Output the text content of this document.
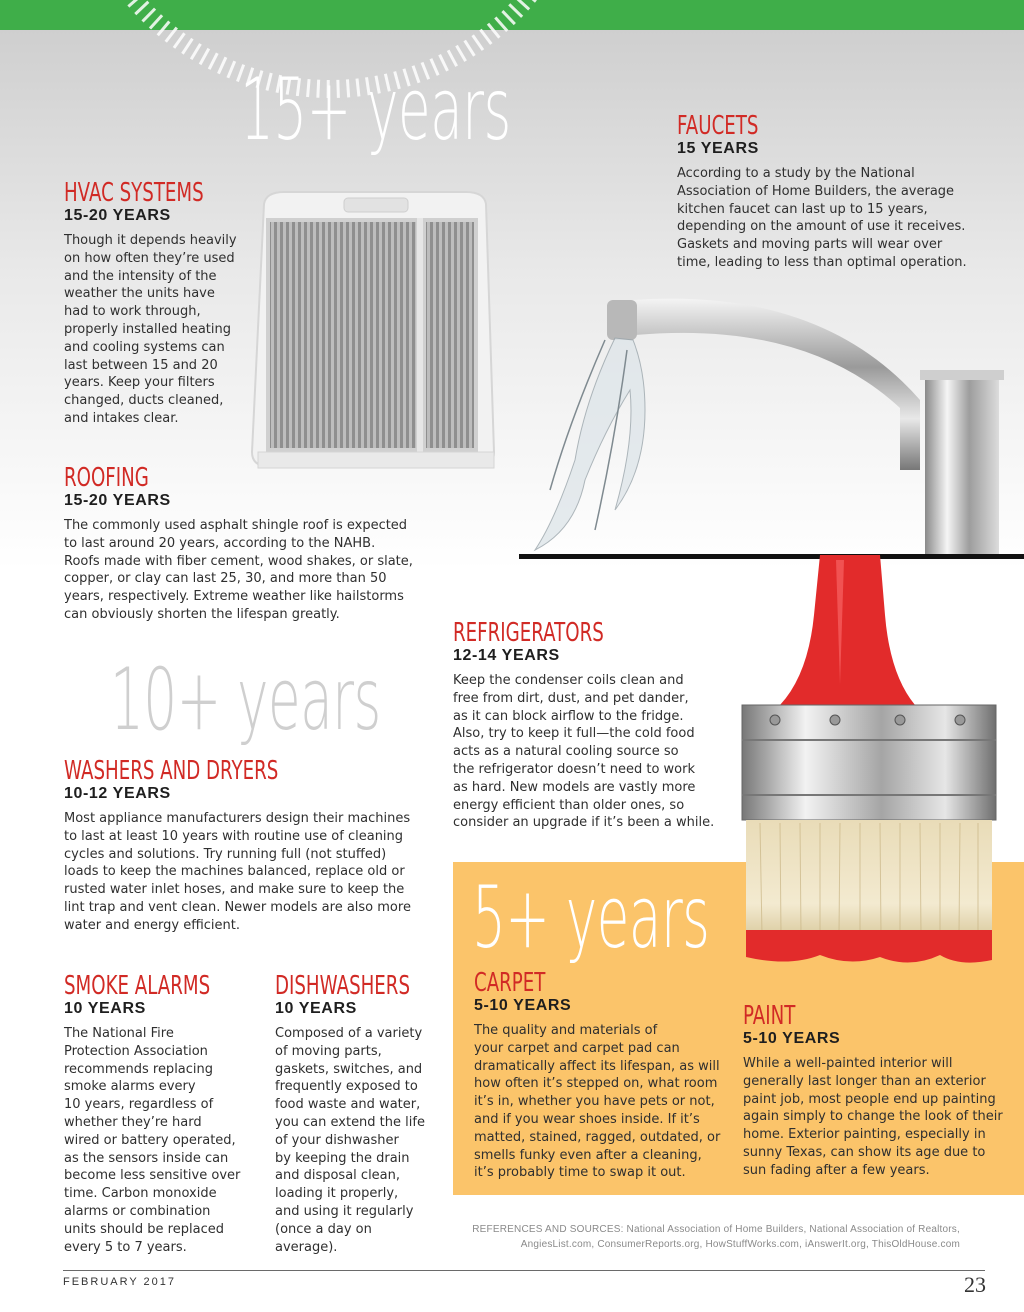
15+ years
10+ years
5+ years
HVAC SYSTEMS
15-20 YEARS

Though it depends heavily
on how often they’re used
and the intensity of the
weather the units have
had to work through,
properly installed heating
and cooling systems can
last between 15 and 20
years. Keep your filters
changed, ducts cleaned,
and intakes clear.

FAUCETS
15 YEARS

According to a study by the National
Association of Home Builders, the average
kitchen faucet can last up to 15 years,
depending on the amount of use it receives.
Gaskets and moving parts will wear over
time, leading to less than optimal operation.

ROOFING
15-20 YEARS

The commonly used asphalt shingle roof is expected
to last around 20 years, according to the NAHB.
Roofs made with fiber cement, wood shakes, or slate,
copper, or clay can last 25, 30, and more than 50
years, respectively. Extreme weather like hailstorms
can obviously shorten the lifespan greatly.

REFRIGERATORS
12-14 YEARS

Keep the condenser coils clean and
free from dirt, dust, and pet dander,
as it can block airflow to the fridge.
Also, try to keep it full—the cold food
acts as a natural cooling source so
the refrigerator doesn’t need to work
as hard. New models are vastly more
energy efficient than older ones, so
consider an upgrade if it’s been a while.

WASHERS AND DRYERS
10-12 YEARS

Most appliance manufacturers design their machines
to last at least 10 years with routine use of cleaning
cycles and solutions. Try running full (not stuffed)
loads to keep the machines balanced, replace old or
rusted water inlet hoses, and make sure to keep the
lint trap and vent clean. Newer models are also more
water and energy efficient.

SMOKE ALARMS
10 YEARS

The National Fire
Protection Association
recommends replacing
smoke alarms every
10 years, regardless of
whether they’re hard
wired or battery operated,
as the sensors inside can
become less sensitive over
time. Carbon monoxide
alarms or combination
units should be replaced
every 5 to 7 years.

DISHWASHERS
10 YEARS

Composed of a variety
of moving parts,
gaskets, switches, and
frequently exposed to
food waste and water,
you can extend the life
of your dishwasher
by keeping the drain
and disposal clean,
loading it properly,
and using it regularly
(once a day on
average).

CARPET
5-10 YEARS

The quality and materials of
your carpet and carpet pad can
dramatically affect its lifespan, as will
how often it’s stepped on, what room
it’s in, whether you have pets or not,
and if you wear shoes inside. If it’s
matted, stained, ragged, outdated, or
smells funky even after a cleaning,
it’s probably time to swap it out.

PAINT
5-10 YEARS

While a well-painted interior will
generally last longer than an exterior
paint job, most people end up painting
again simply to change the look of their
home. Exterior painting, especially in
sunny Texas, can show its age due to
sun fading after a few years.

REFERENCES AND SOURCES: National Association of Home Builders, National Association of Realtors,
AngiesList.com, ConsumerReports.org, HowStuffWorks.com, iAnswerIt.org, ThisOldHouse.com
FEBRUARY 2017	23
